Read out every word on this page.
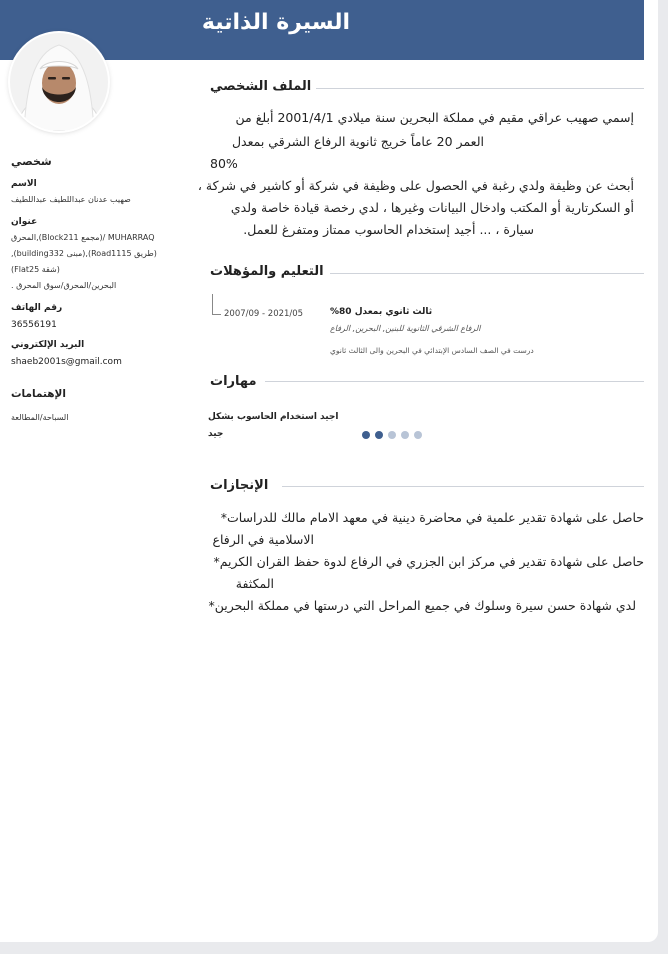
السيرة الذاتية
شخصي
الاسم
صهيب عدنان عبداللطيف عبداللطيف
عنوان
MUHARRAQ /(مجمع Block211),المحرق
(طريق Road1115),(مبنى building332),
(شقة Flat25)
البحرين/المحرق/سوق المحرق .
رقم الهاتف
36556191
البريد الإلكتروني
shaeb2001s@gmail.com
الإهتمامات
السباحة/المطالعة
الملف الشخصي
إسمي صهيب عراقي مقيم في مملكة البحرين سنة ميلادي 2001/4/1 أبلغ من
العمر 20 عاماً خريج ثانوية الرفاع الشرقي بمعدل
80%
أبحث عن وظيفة ولدي رغبة في الحصول على وظيفة في شركة أو كاشير في شركة ،
أو السكرتارية أو المكتب وادخال البيانات وغيرها ، لدي رخصة قيادة خاصة ولدي
سيارة ، ... أجيد إستخدام الحاسوب ممتاز ومتفرغ للعمل.
التعليم والمؤهلات
2007/09 - 2021/05	ثالث ثانوي بمعدل 80%
الرفاع الشرقي الثانوية للبنين, البحرين, الرفاع
درست في الصف السادس الإبتدائي في البحرين والى الثالث ثانوي
مهارات
اجيد استخدام الحاسوب بشكل
جيد
الإنجازات
حاصل على شهادة تقدير علمية في محاضرة دينية في معهد الامام مالك للدراسات*
الاسلامية في الرفاع
حاصل على شهادة تقدير في مركز ابن الجزري في الرفاع لدوة حفظ القران الكريم*
المكثفة
لدي شهادة حسن سيرة وسلوك في جميع المراحل التي درستها في مملكة البحرين*
